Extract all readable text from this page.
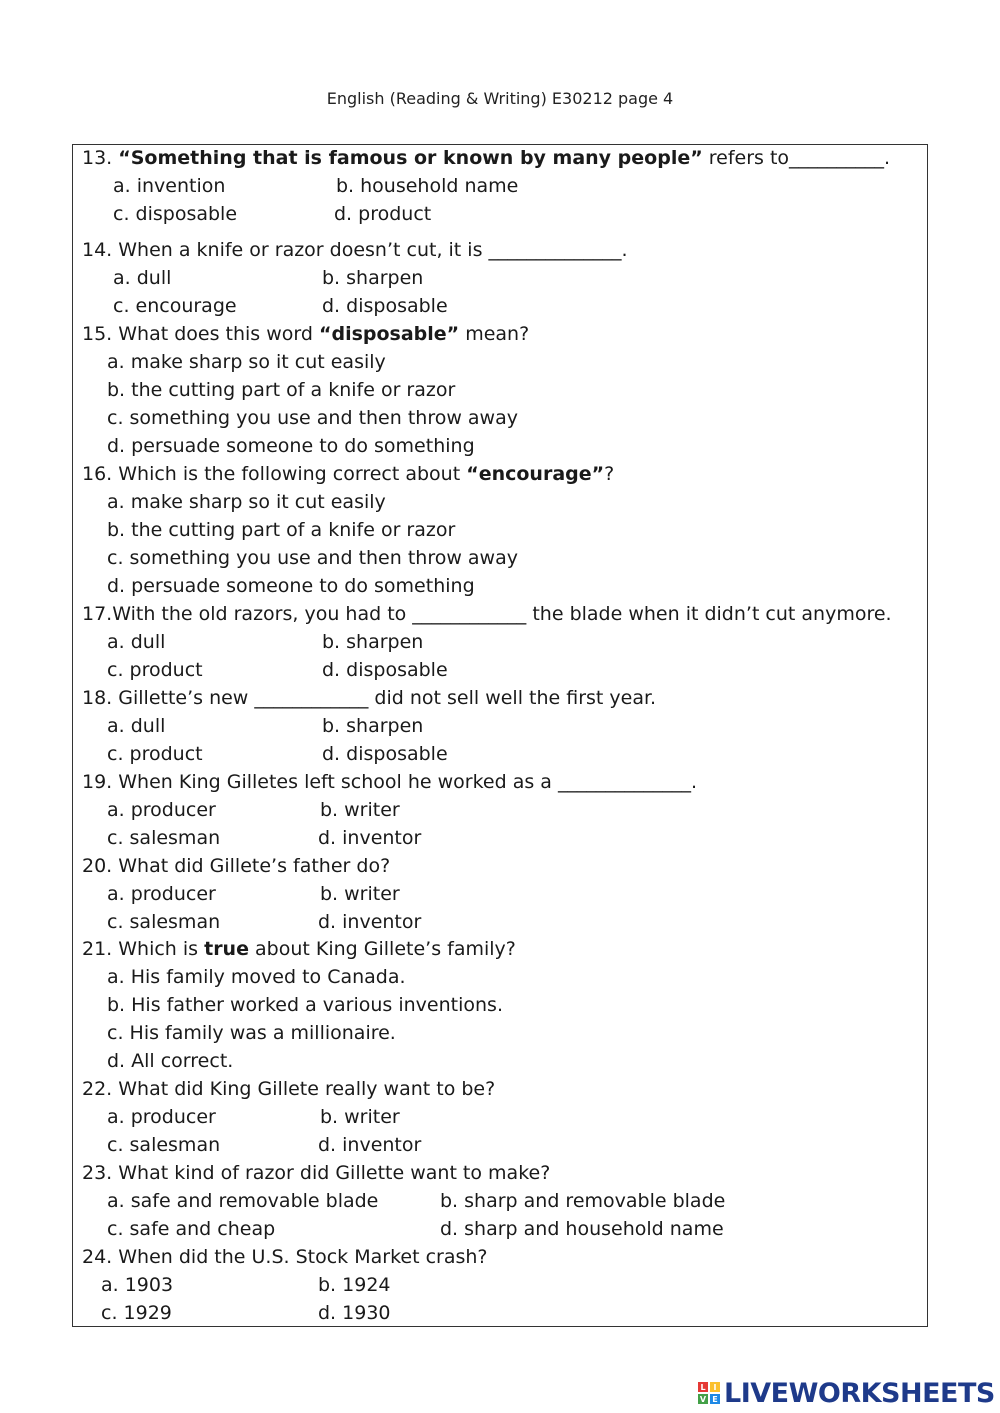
English (Reading & Writing) E30212 page 4
13. “Something that is famous or known by many people” refers to__________.
a. invention	b. household name
c. disposable	d. product
14. When a knife or razor doesn’t cut, it is ______________.
a. dull	b. sharpen
c. encourage	d. disposable
15. What does this word “disposable” mean?
a. make sharp so it cut easily
b. the cutting part of a knife or razor
c. something you use and then throw away
d. persuade someone to do something
16. Which is the following correct about “encourage”?
a. make sharp so it cut easily
b. the cutting part of a knife or razor
c. something you use and then throw away
d. persuade someone to do something
17.With the old razors, you had to ____________ the blade when it didn’t cut anymore.
a. dull	b. sharpen
c. product	d. disposable
18. Gillette’s new ____________ did not sell well the first year.
a. dull	b. sharpen
c. product	d. disposable
19. When King Gilletes left school he worked as a ______________.
a. producer	b. writer
c. salesman	d. inventor
20. What did Gillete’s father do?
a. producer	b. writer
c. salesman	d. inventor
21. Which is true about King Gillete’s family?
a. His family moved to Canada.
b. His father worked a various inventions.
c. His family was a millionaire.
d. All correct.
22. What did King Gillete really want to be?
a. producer	b. writer
c. salesman	d. inventor
23. What kind of razor did Gillette want to make?
a. safe and removable blade	b. sharp and removable blade
c. safe and cheap	d. sharp and household name
24. When did the U.S. Stock Market crash?
a. 1903	b. 1924
c. 1929	d. 1930
L I
V E LIVEWORKSHEETS
